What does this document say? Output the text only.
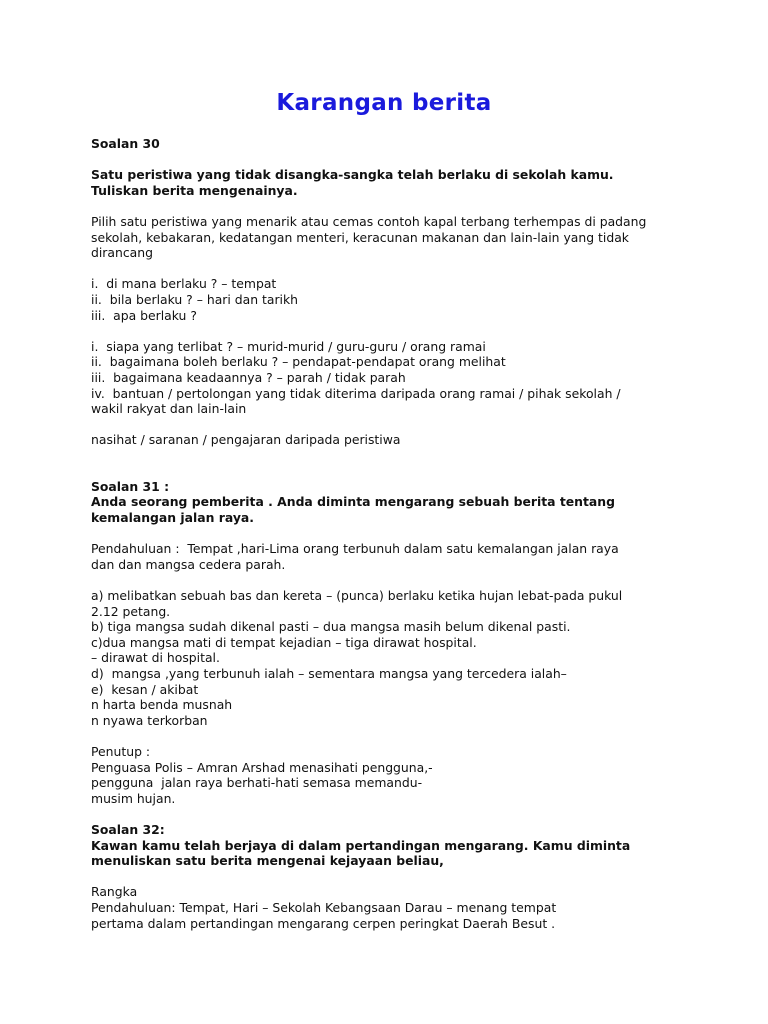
Karangan berita
Soalan 30
Satu peristiwa yang tidak disangka-sangka telah berlaku di sekolah kamu.
Tuliskan berita mengenainya.
Pilih satu peristiwa yang menarik atau cemas contoh kapal terbang terhempas di padang
sekolah, kebakaran, kedatangan menteri, keracunan makanan dan lain-lain yang tidak
dirancang
i.  di mana berlaku ? – tempat
ii.  bila berlaku ? – hari dan tarikh
iii.  apa berlaku ?
i.  siapa yang terlibat ? – murid-murid / guru-guru / orang ramai
ii.  bagaimana boleh berlaku ? – pendapat-pendapat orang melihat
iii.  bagaimana keadaannya ? – parah / tidak parah
iv.  bantuan / pertolongan yang tidak diterima daripada orang ramai / pihak sekolah /
wakil rakyat dan lain-lain
nasihat / saranan / pengajaran daripada peristiwa
Soalan 31 :
Anda seorang pemberita . Anda diminta mengarang sebuah berita tentang
kemalangan jalan raya.
Pendahuluan :  Tempat ,hari-Lima orang terbunuh dalam satu kemalangan jalan raya
dan dan mangsa cedera parah.
a) melibatkan sebuah bas dan kereta – (punca) berlaku ketika hujan lebat-pada pukul
2.12 petang.
b) tiga mangsa sudah dikenal pasti – dua mangsa masih belum dikenal pasti.
c)dua mangsa mati di tempat kejadian – tiga dirawat hospital.
– dirawat di hospital.
d)  mangsa ,yang terbunuh ialah – sementara mangsa yang tercedera ialah–
e)  kesan / akibat
n harta benda musnah
n nyawa terkorban
Penutup :
Penguasa Polis – Amran Arshad menasihati pengguna,-
pengguna  jalan raya berhati-hati semasa memandu-
musim hujan.
Soalan 32:
Kawan kamu telah berjaya di dalam pertandingan mengarang. Kamu diminta
menuliskan satu berita mengenai kejayaan beliau,
Rangka
Pendahuluan: Tempat, Hari – Sekolah Kebangsaan Darau – menang tempat
pertama dalam pertandingan mengarang cerpen peringkat Daerah Besut .
